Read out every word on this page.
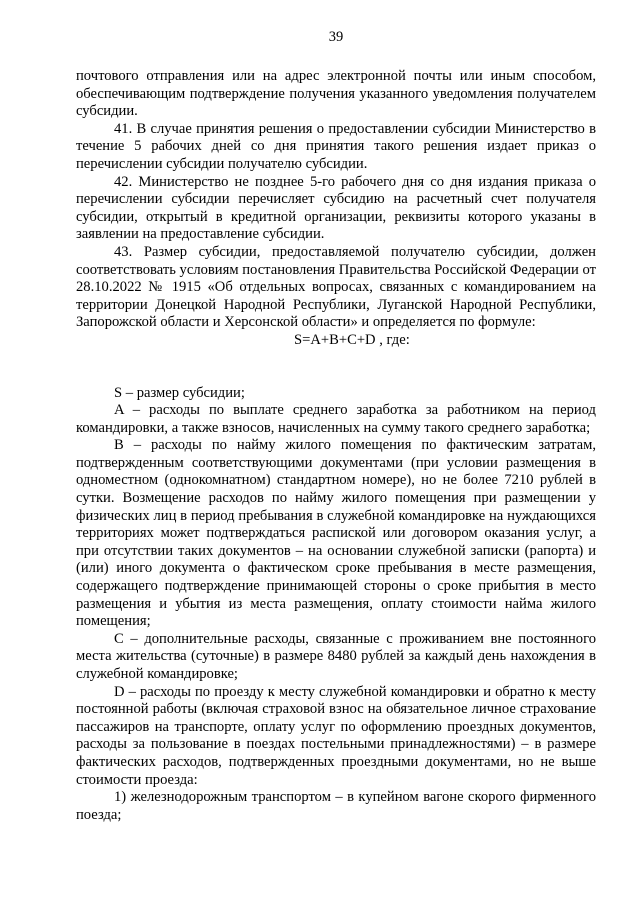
39

почтового отправления или на адрес электронной почты или иным способом, обеспечивающим подтверждение получения указанного уведомления получателем субсидии.

41. В случае принятия решения о предоставлении субсидии Министерство в течение 5 рабочих дней со дня принятия такого решения издает приказ о перечислении субсидии получателю субсидии.

42. Министерство не позднее 5-го рабочего дня со дня издания приказа о перечислении субсидии перечисляет субсидию на расчетный счет получателя субсидии, открытый в кредитной организации, реквизиты которого указаны в заявлении на предоставление субсидии.

43. Размер субсидии, предоставляемой получателю субсидии, должен соответствовать условиям постановления Правительства Российской Федерации от 28.10.2022 № 1915 «Об отдельных вопросах, связанных с командированием на территории Донецкой Народной Республики, Луганской Народной Республики, Запорожской области и Херсонской области» и определяется по формуле:

S=A+B+C+D , где:

S – размер субсидии;

A – расходы по выплате среднего заработка за работником на период командировки, а также взносов, начисленных на сумму такого среднего заработка;

B – расходы по найму жилого помещения по фактическим затратам, подтвержденным соответствующими документами (при условии размещения в одноместном (однокомнатном) стандартном номере), но не более 7210 рублей в сутки. Возмещение расходов по найму жилого помещения при размещении у физических лиц в период пребывания в служебной командировке на нуждающихся территориях может подтверждаться распиской или договором оказания услуг, а при отсутствии таких документов – на основании служебной записки (рапорта) и (или) иного документа о фактическом сроке пребывания в месте размещения, содержащего подтверждение принимающей стороны о сроке прибытия в место размещения и убытия из места размещения, оплату стоимости найма жилого помещения;

C – дополнительные расходы, связанные с проживанием вне постоянного места жительства (суточные) в размере 8480 рублей за каждый день нахождения в служебной командировке;

D – расходы по проезду к месту служебной командировки и обратно к месту постоянной работы (включая страховой взнос на обязательное личное страхование пассажиров на транспорте, оплату услуг по оформлению проездных документов, расходы за пользование в поездах постельными принадлежностями) – в размере фактических расходов, подтвержденных проездными документами, но не выше стоимости проезда:

1) железнодорожным транспортом – в купейном вагоне скорого фирменного поезда;
